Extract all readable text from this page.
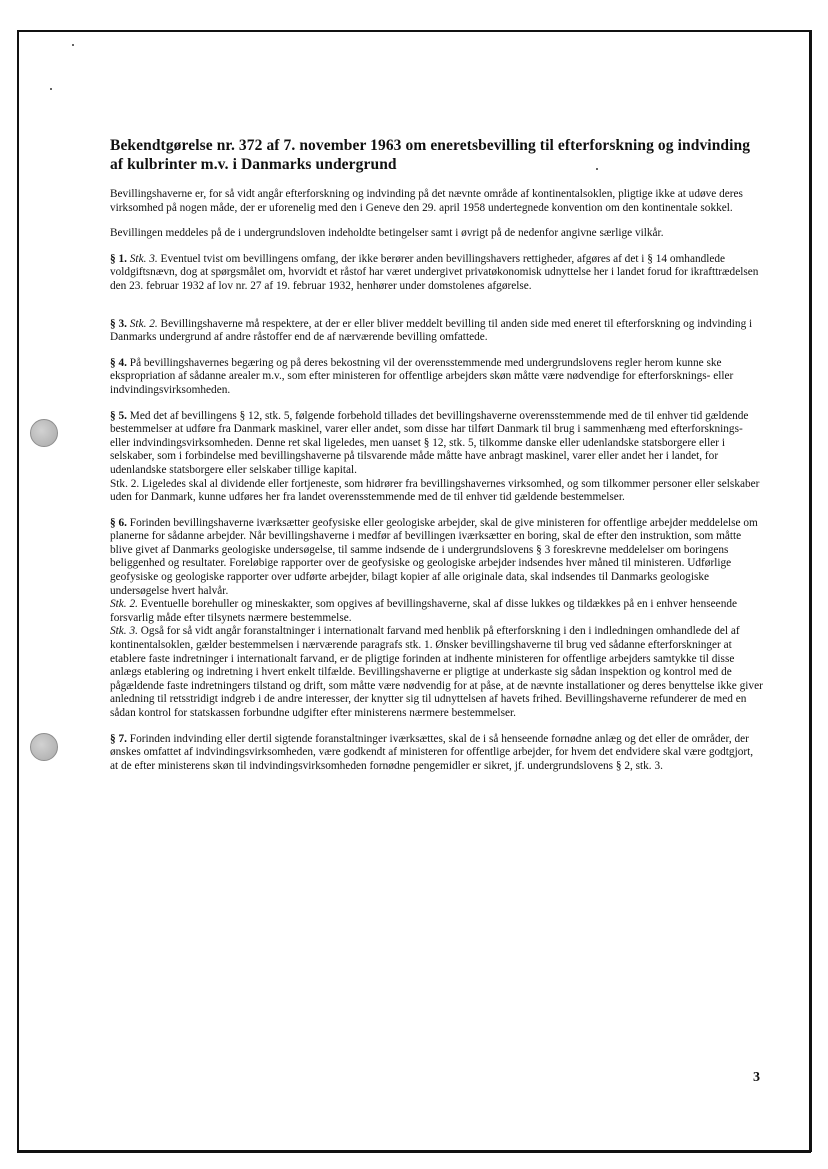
Bekendtgørelse nr. 372 af 7. november 1963 om eneretsbevilling til efterforskning og indvinding af kulbrinter m.v. i Danmarks undergrund

Bevillingshaverne er, for så vidt angår efterforskning og indvinding på det nævnte område af kontinentalsoklen, pligtige ikke at udøve deres virksomhed på nogen måde, der er uforenelig med den i Geneve den 29. april 1958 undertegnede konvention om den kontinentale sokkel.

Bevillingen meddeles på de i undergrundsloven indeholdte betingelser samt i øvrigt på de nedenfor angivne særlige vilkår.

§ 1. Stk. 3. Eventuel tvist om bevillingens omfang, der ikke berører anden bevillingshavers rettigheder, afgøres af det i § 14 omhandlede voldgiftsnævn, dog at spørgsmålet om, hvorvidt et råstof har været undergivet privatøkonomisk udnyttelse her i landet forud for ikrafttrædelsen den 23. februar 1932 af lov nr. 27 af 19. februar 1932, henhører under domstolenes afgørelse.

§ 3. Stk. 2. Bevillingshaverne må respektere, at der er eller bliver meddelt bevilling til anden side med eneret til efterforskning og indvinding i Danmarks undergrund af andre råstoffer end de af nærværende bevilling omfattede.

§ 4. På bevillingshavernes begæring og på deres bekostning vil der overensstemmende med undergrundslovens regler herom kunne ske ekspropriation af sådanne arealer m.v., som efter ministeren for offentlige arbejders skøn måtte være nødvendige for efterforsknings- eller indvindingsvirksomheden.

§ 5. Med det af bevillingens § 12, stk. 5, følgende forbehold tillades det bevillingshaverne overensstemmende med de til enhver tid gældende bestemmelser at udføre fra Danmark maskinel, varer eller andet, som disse har tilført Danmark til brug i sammenhæng med efterforsknings- eller indvindingsvirksomheden. Denne ret skal ligeledes, men uanset § 12, stk. 5, tilkomme danske eller udenlandske statsborgere eller i selskaber, som i forbindelse med bevillingshaverne på tilsvarende måde måtte have anbragt maskinel, varer eller andet her i landet, for udenlandske statsborgere eller selskaber tillige kapital.

Stk. 2. Ligeledes skal al dividende eller fortjeneste, som hidrører fra bevillingshavernes virksomhed, og som tilkommer personer eller selskaber uden for Danmark, kunne udføres her fra landet overensstemmende med de til enhver tid gældende bestemmelser.

§ 6. Forinden bevillingshaverne iværksætter geofysiske eller geologiske arbejder, skal de give ministeren for offentlige arbejder meddelelse om planerne for sådanne arbejder. Når bevillingshaverne i medfør af bevillingen iværksætter en boring, skal de efter den instruktion, som måtte blive givet af Danmarks geologiske undersøgelse, til samme indsende de i undergrundslovens § 3 foreskrevne meddelelser om boringens beliggenhed og resultater. Foreløbige rapporter over de geofysiske og geologiske arbejder indsendes hver måned til ministeren. Udførlige geofysiske og geologiske rapporter over udførte arbejder, bilagt kopier af alle originale data, skal indsendes til Danmarks geologiske undersøgelse hvert halvår.

Stk. 2. Eventuelle borehuller og mineskakter, som opgives af bevillingshaverne, skal af disse lukkes og tildækkes på en i enhver henseende forsvarlig måde efter tilsynets nærmere bestemmelse.

Stk. 3. Også for så vidt angår foranstaltninger i internationalt farvand med henblik på efterforskning i den i indledningen omhandlede del af kontinentalsoklen, gælder bestemmelsen i nærværende paragrafs stk. 1. Ønsker bevillingshaverne til brug ved sådanne efterforskninger at etablere faste indretninger i internationalt farvand, er de pligtige forinden at indhente ministeren for offentlige arbejders samtykke til disse anlægs etablering og indretning i hvert enkelt tilfælde. Bevillingshaverne er pligtige at underkaste sig sådan inspektion og kontrol med de pågældende faste indretningers tilstand og drift, som måtte være nødvendig for at påse, at de nævnte installationer og deres benyttelse ikke giver anledning til retsstridigt indgreb i de andre interesser, der knytter sig til udnyttelsen af havets frihed. Bevillingshaverne refunderer de med en sådan kontrol for statskassen forbundne udgifter efter ministerens nærmere bestemmelser.

§ 7. Forinden indvinding eller dertil sigtende foranstaltninger iværksættes, skal de i så henseende fornødne anlæg og det eller de områder, der ønskes omfattet af indvindingsvirksomheden, være godkendt af ministeren for offentlige arbejder, for hvem det endvidere skal være godtgjort, at de efter ministerens skøn til indvindingsvirksomheden fornødne pengemidler er sikret, jf. undergrundslovens § 2, stk. 3.

3
